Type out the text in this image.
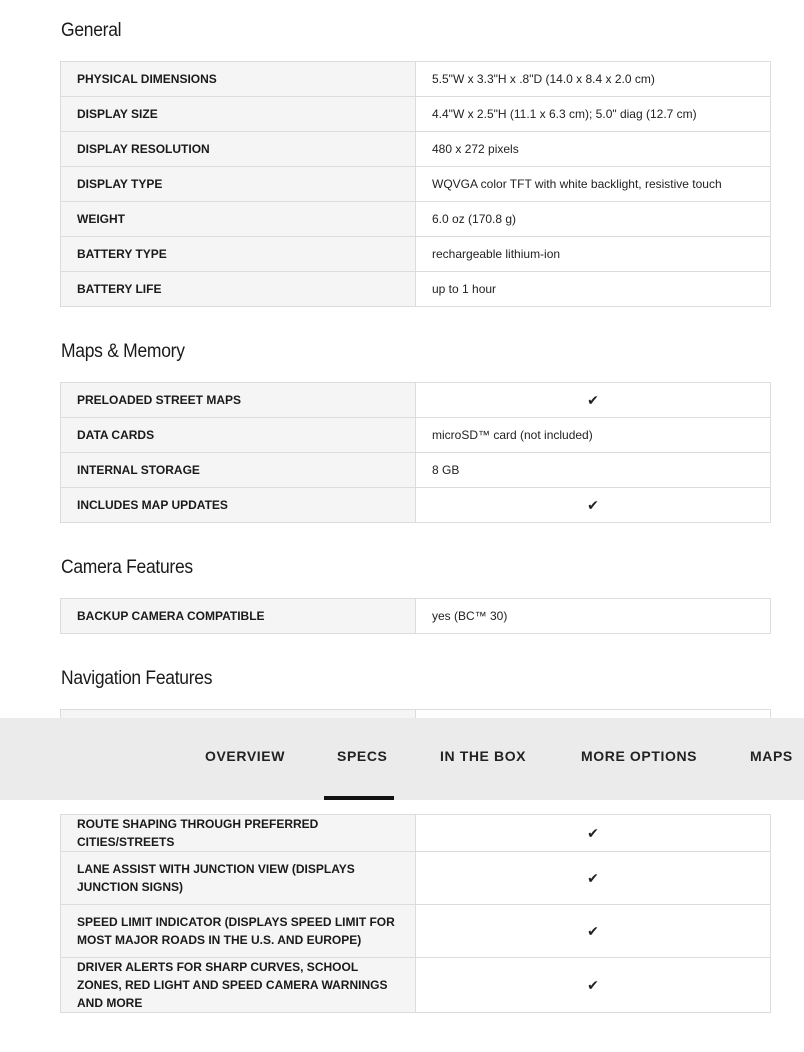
General
PHYSICAL DIMENSIONS	5.5"W x 3.3"H x .8"D (14.0 x 8.4 x 2.0 cm)
DISPLAY SIZE	4.4"W x 2.5"H (11.1 x 6.3 cm); 5.0" diag (12.7 cm)
DISPLAY RESOLUTION	480 x 272 pixels
DISPLAY TYPE	WQVGA color TFT with white backlight, resistive touch
WEIGHT	6.0 oz (170.8 g)
BATTERY TYPE	rechargeable lithium-ion
BATTERY LIFE	up to 1 hour
Maps & Memory
PRELOADED STREET MAPS	✔
DATA CARDS	microSD™ card (not included)
INTERNAL STORAGE	8 GB
INCLUDES MAP UPDATES	✔
Camera Features
BACKUP CAMERA COMPATIBLE	yes (BC™ 30)
Navigation Features
ROUTE SHAPING THROUGH PREFERRED CITIES/STREETS	✔
LANE ASSIST WITH JUNCTION VIEW (DISPLAYS JUNCTION SIGNS)	✔
SPEED LIMIT INDICATOR (DISPLAYS SPEED LIMIT FOR MOST MAJOR ROADS IN THE U.S. AND EUROPE)	✔
DRIVER ALERTS FOR SHARP CURVES, SCHOOL ZONES, RED LIGHT AND SPEED CAMERA WARNINGS AND MORE	✔
OVERVIEW	SPECS	IN THE BOX	MORE OPTIONS	MAPS
